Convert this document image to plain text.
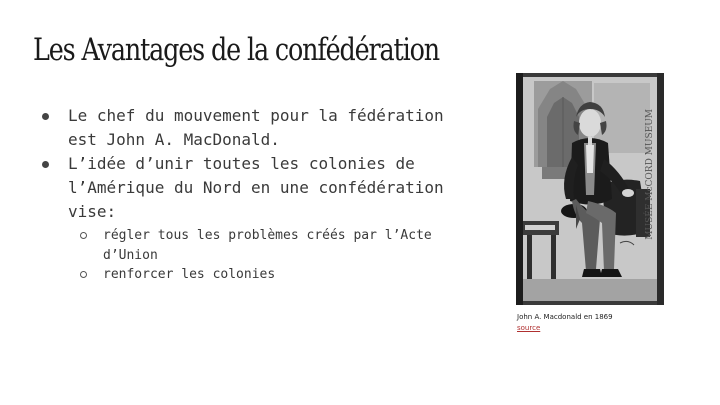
Les Avantages de la confédération
Le chef du mouvement pour la fédération est John A. MacDonald.
L’idée d’unir toutes les colonies de l’Amérique du Nord en une confédération vise:
régler tous les problèmes créés par l’Acte d’Union
renforcer les colonies
MUSÉE McCORD MUSEUM
John A. Macdonald en 1869
source
